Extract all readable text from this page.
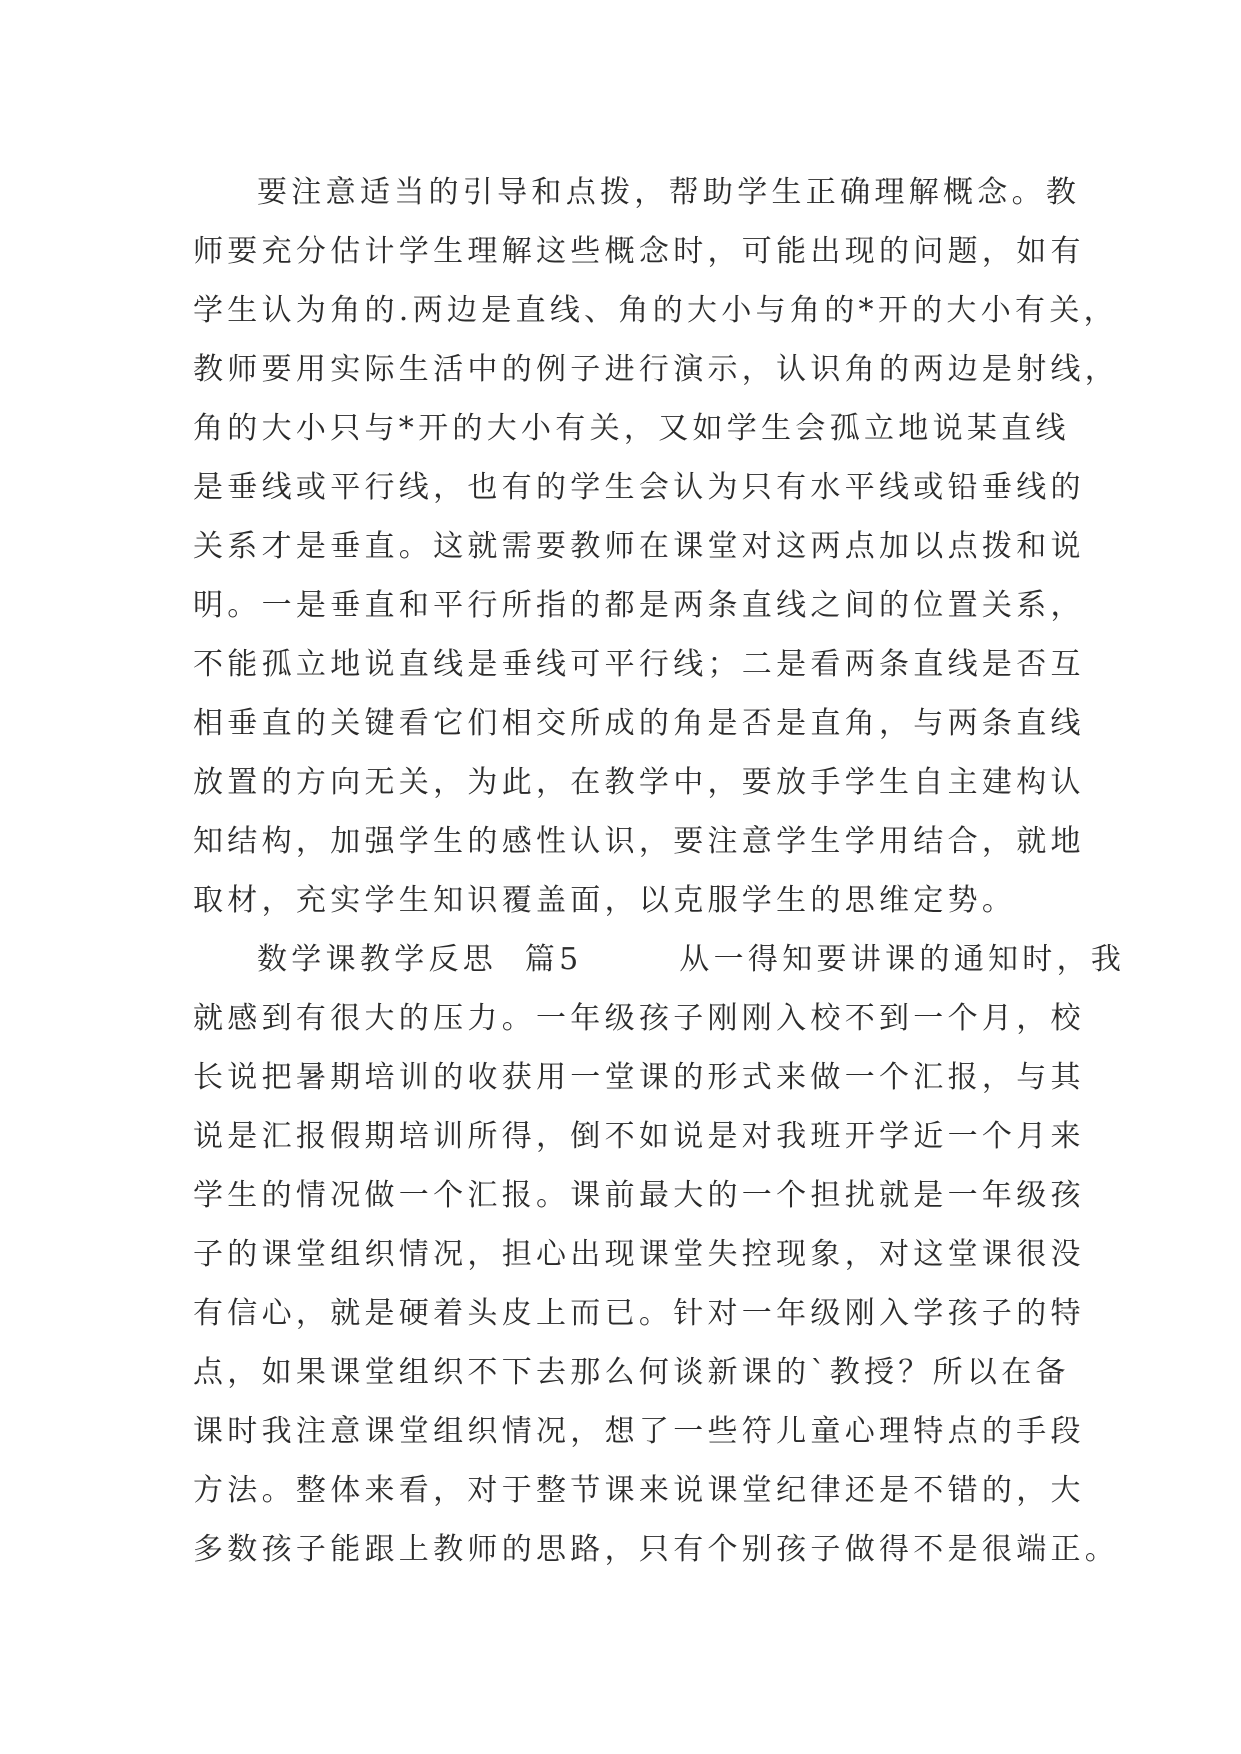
要注意适当的引导和点拨，帮助学生正确理解概念。教
师要充分估计学生理解这些概念时，可能出现的问题，如有
学生认为角的.两边是直线、角的大小与角的*开的大小有关，
教师要用实际生活中的例子进行演示，认识角的两边是射线，
角的大小只与*开的大小有关，又如学生会孤立地说某直线
是垂线或平行线，也有的学生会认为只有水平线或铅垂线的
关系才是垂直。这就需要教师在课堂对这两点加以点拨和说
明。一是垂直和平行所指的都是两条直线之间的位置关系，
不能孤立地说直线是垂线可平行线；二是看两条直线是否互
相垂直的关键看它们相交所成的角是否是直角，与两条直线
放置的方向无关，为此，在教学中，要放手学生自主建构认
知结构，加强学生的感性认识，要注意学生学用结合，就地
取材，充实学生知识覆盖面，以克服学生的思维定势。
数学课教学反思  篇5       从一得知要讲课的通知时，我
就感到有很大的压力。一年级孩子刚刚入校不到一个月，校
长说把暑期培训的收获用一堂课的形式来做一个汇报，与其
说是汇报假期培训所得，倒不如说是对我班开学近一个月来
学生的情况做一个汇报。课前最大的一个担扰就是一年级孩
子的课堂组织情况，担心出现课堂失控现象，对这堂课很没
有信心，就是硬着头皮上而已。针对一年级刚入学孩子的特
点，如果课堂组织不下去那么何谈新课的`教授？所以在备
课时我注意课堂组织情况，想了一些符儿童心理特点的手段
方法。整体来看，对于整节课来说课堂纪律还是不错的，大
多数孩子能跟上教师的思路，只有个别孩子做得不是很端正。
